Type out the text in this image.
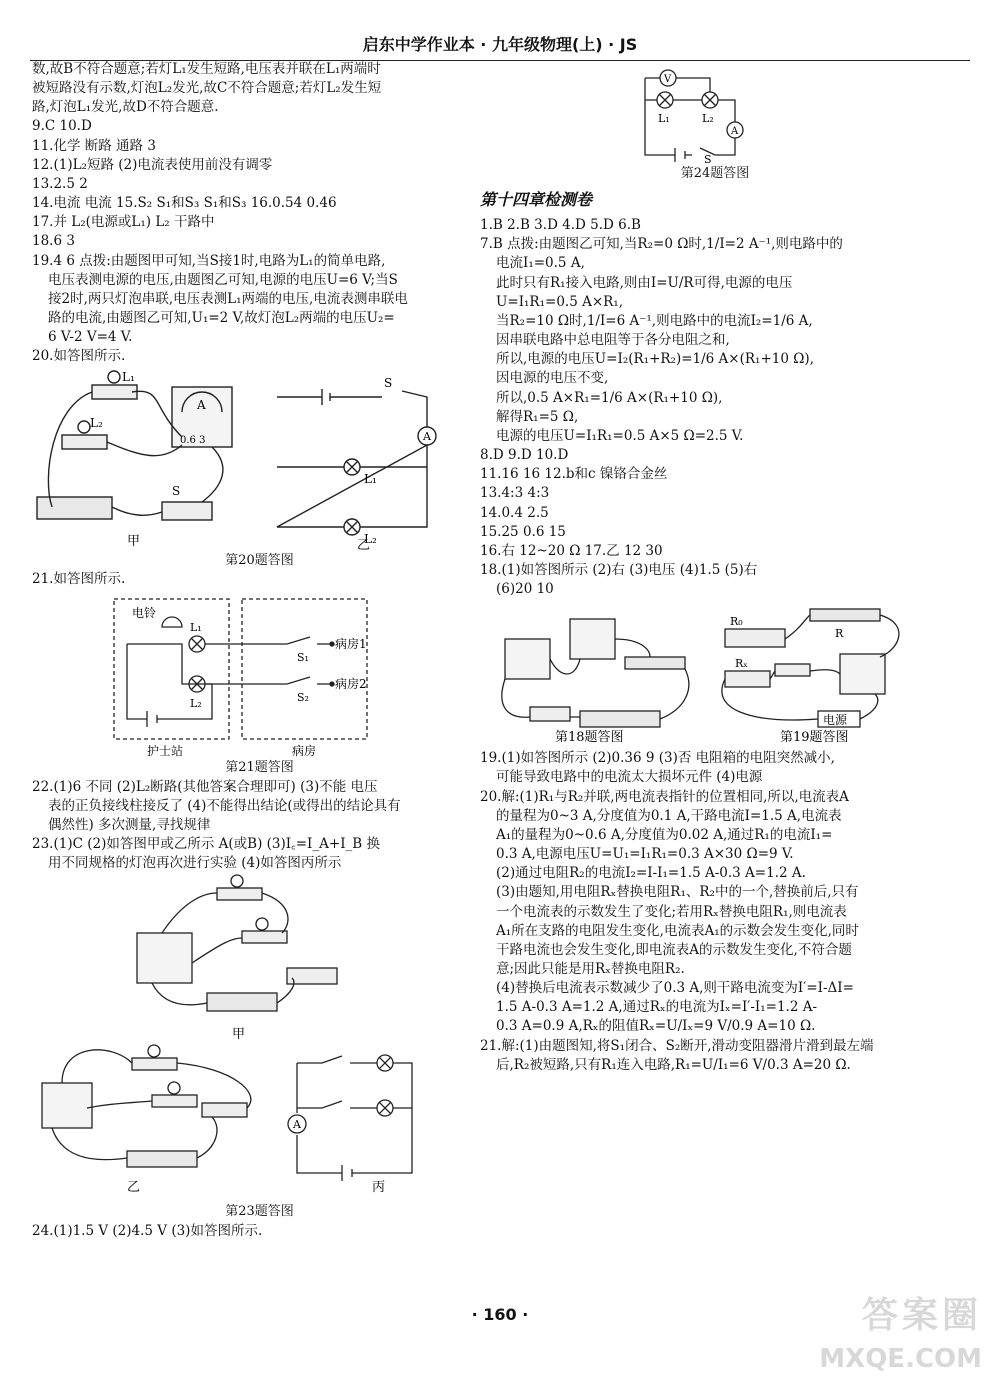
启东中学作业本 · 九年级物理(上) · JS
数,故B不符合题意;若灯L₁发生短路,电压表并联在L₁两端时
被短路没有示数,灯泡L₂发光,故C不符合题意;若灯L₂发生短
路,灯泡L₁发光,故D不符合题意.
9.C 10.D
11.化学 断路 通路 3
12.(1)L₂短路 (2)电流表使用前没有调零
13.2.5 2
14.电流 电流 15.S₂ S₁和S₃ S₁和S₃ 16.0.54 0.46
17.并 L₂(电源或L₁) L₂ 干路中
18.6 3
19.4 6 点拨:由题图甲可知,当S接1时,电路为L₁的简单电路,
电压表测电源的电压,由题图乙可知,电源的电压U=6 V;当S
接2时,两只灯泡串联,电压表测L₁两端的电压,电流表测串联电
路的电流,由题图乙可知,U₁=2 V,故灯泡L₂两端的电压U₂=
6 V-2 V=4 V.
20.如答图所示.
L₁
L₂
A
0.6 3
S
甲
A
S
L₁
L₂
乙
第20题答图
21.如答图所示.
电铃
L₁
L₂
S₁
S₂
病房1
病房2
护士站	病房
第21题答图
22.(1)6 不同 (2)L₂断路(其他答案合理即可) (3)不能 电压
表的正负接线柱接反了 (4)不能得出结论(或得出的结论具有
偶然性) 多次测量,寻找规律
23.(1)C (2)如答图甲或乙所示 A(或B) (3)I꜀=I_A+I_B 换
用不同规格的灯泡再次进行实验 (4)如答图丙所示
甲
乙
A
丙
第23题答图
24.(1)1.5 V (2)4.5 V (3)如答图所示.
V
A
L₁	L₂
S
第24题答图
第十四章检测卷
1.B 2.B 3.D 4.D 5.D 6.B
7.B 点拨:由题图乙可知,当R₂=0 Ω时,1/I=2 A⁻¹,则电路中的
电流I₁=0.5 A,
此时只有R₁接入电路,则由I=U/R可得,电源的电压
U=I₁R₁=0.5 A×R₁,
当R₂=10 Ω时,1/I=6 A⁻¹,则电路中的电流I₂=1/6 A,
因串联电路中总电阻等于各分电阻之和,
所以,电源的电压U=I₂(R₁+R₂)=1/6 A×(R₁+10 Ω),
因电源的电压不变,
所以,0.5 A×R₁=1/6 A×(R₁+10 Ω),
解得R₁=5 Ω,
电源的电压U=I₁R₁=0.5 A×5 Ω=2.5 V.
8.D 9.D 10.D
11.16 16 12.b和c 镍铬合金丝
13.4:3 4:3
14.0.4 2.5
15.25 0.6 15
16.右 12~20 Ω 17.乙 12 30
18.(1)如答图所示 (2)右 (3)电压 (4)1.5 (5)右
(6)20 10
第18题答图
R₀
R
Rₓ
电源
第19题答图
19.(1)如答图所示 (2)0.36 9 (3)否 电阻箱的电阻突然减小,
可能导致电路中的电流太大损坏元件 (4)电源
20.解:(1)R₁与R₂并联,两电流表指针的位置相同,所以,电流表A
的量程为0~3 A,分度值为0.1 A,干路电流I=1.5 A,电流表
A₁的量程为0~0.6 A,分度值为0.02 A,通过R₁的电流I₁=
0.3 A,电源电压U=U₁=I₁R₁=0.3 A×30 Ω=9 V.
(2)通过电阻R₂的电流I₂=I-I₁=1.5 A-0.3 A=1.2 A.
(3)由题知,用电阻Rₓ替换电阻R₁、R₂中的一个,替换前后,只有
一个电流表的示数发生了变化;若用Rₓ替换电阻R₁,则电流表
A₁所在支路的电阻发生变化,电流表A₁的示数会发生变化,同时
干路电流也会发生变化,即电流表A的示数发生变化,不符合题
意;因此只能是用Rₓ替换电阻R₂.
(4)替换后电流表示数减少了0.3 A,则干路电流变为I′=I-ΔI=
1.5 A-0.3 A=1.2 A,通过Rₓ的电流为Iₓ=I′-I₁=1.2 A-
0.3 A=0.9 A,Rₓ的阻值Rₓ=U/Iₓ=9 V/0.9 A=10 Ω.
21.解:(1)由题图知,将S₁闭合、S₂断开,滑动变阻器滑片滑到最左端
后,R₂被短路,只有R₁连入电路,R₁=U/I₁=6 V/0.3 A=20 Ω.
· 160 ·	答案圈
MXQE.COM
